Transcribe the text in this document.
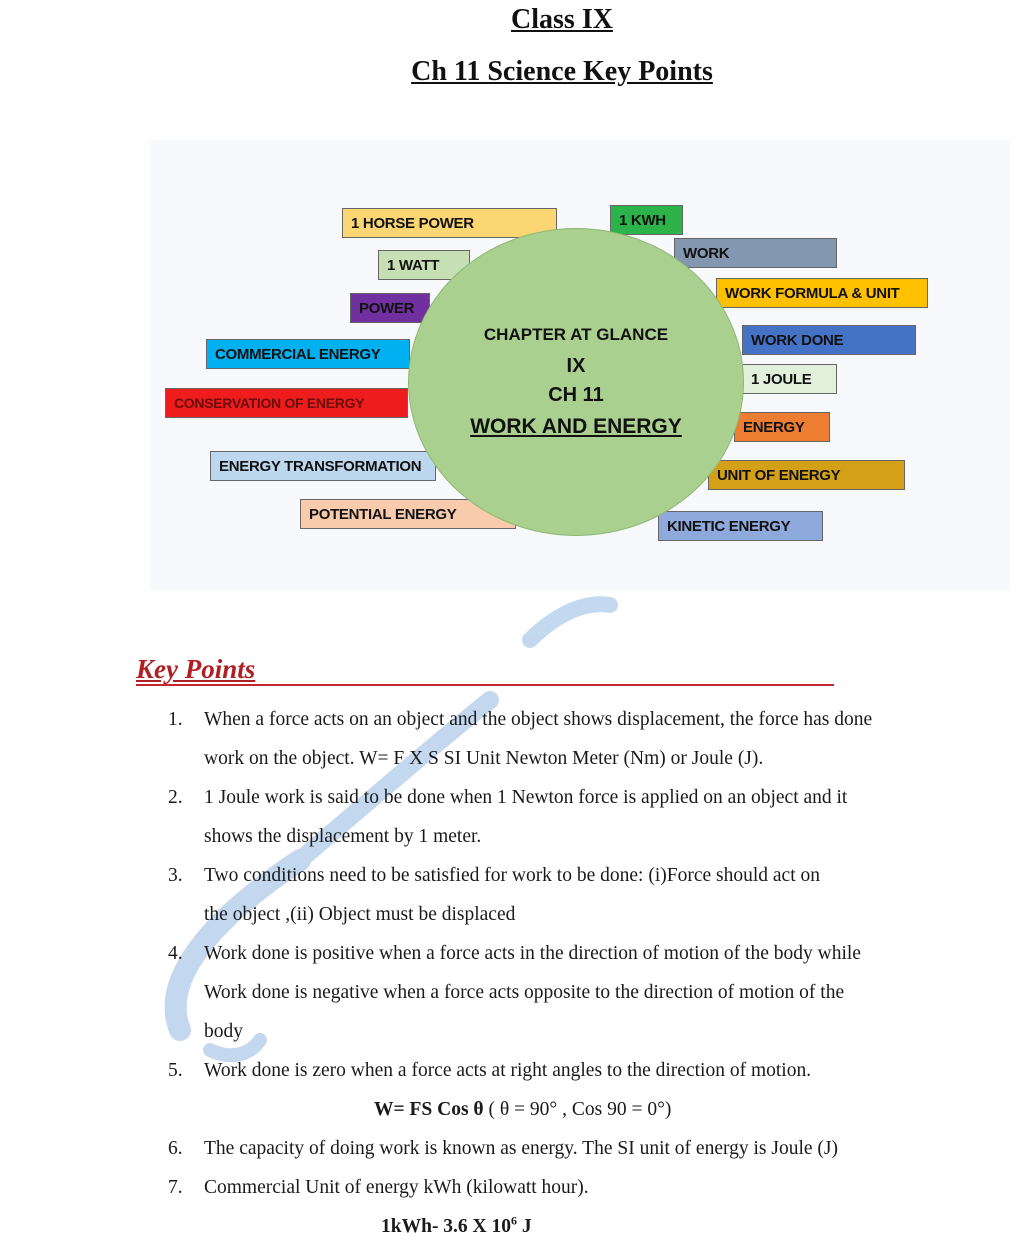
Class IX
Ch 11 Science Key Points
1 HORSE POWER	1 KWH
WORK
1 WATT
WORK FORMULA & UNIT
POWER
WORK DONE
COMMERCIAL ENERGY
1 JOULE
CONSERVATION OF ENERGY
ENERGY
ENERGY TRANSFORMATION
UNIT OF ENERGY
POTENTIAL ENERGY
KINETIC ENERGY
CHAPTER AT GLANCE
IX
CH 11
WORK AND ENERGY
Key Points
1. When a force acts on an object and the object shows displacement, the force has done
work on the object. W= F X S SI Unit Newton Meter (Nm) or Joule (J).
2. 1 Joule work is said to be done when 1 Newton force is applied on an object and it
shows the displacement by 1 meter.
3. Two conditions need to be satisfied for work to be done: (i)Force should act on
the object ,(ii) Object must be displaced
4. Work done is positive when a force acts in the direction of motion of the body while
Work done is negative when a force acts opposite to the direction of motion of the
body
5. Work done is zero when a force acts at right angles to the direction of motion.
W= FS Cos θ ( θ = 90° , Cos 90 = 0°)
6. The capacity of doing work is known as energy. The SI unit of energy is Joule (J)
7. Commercial Unit of energy kWh (kilowatt hour).
1kWh- 3.6 X $10^6$ J
